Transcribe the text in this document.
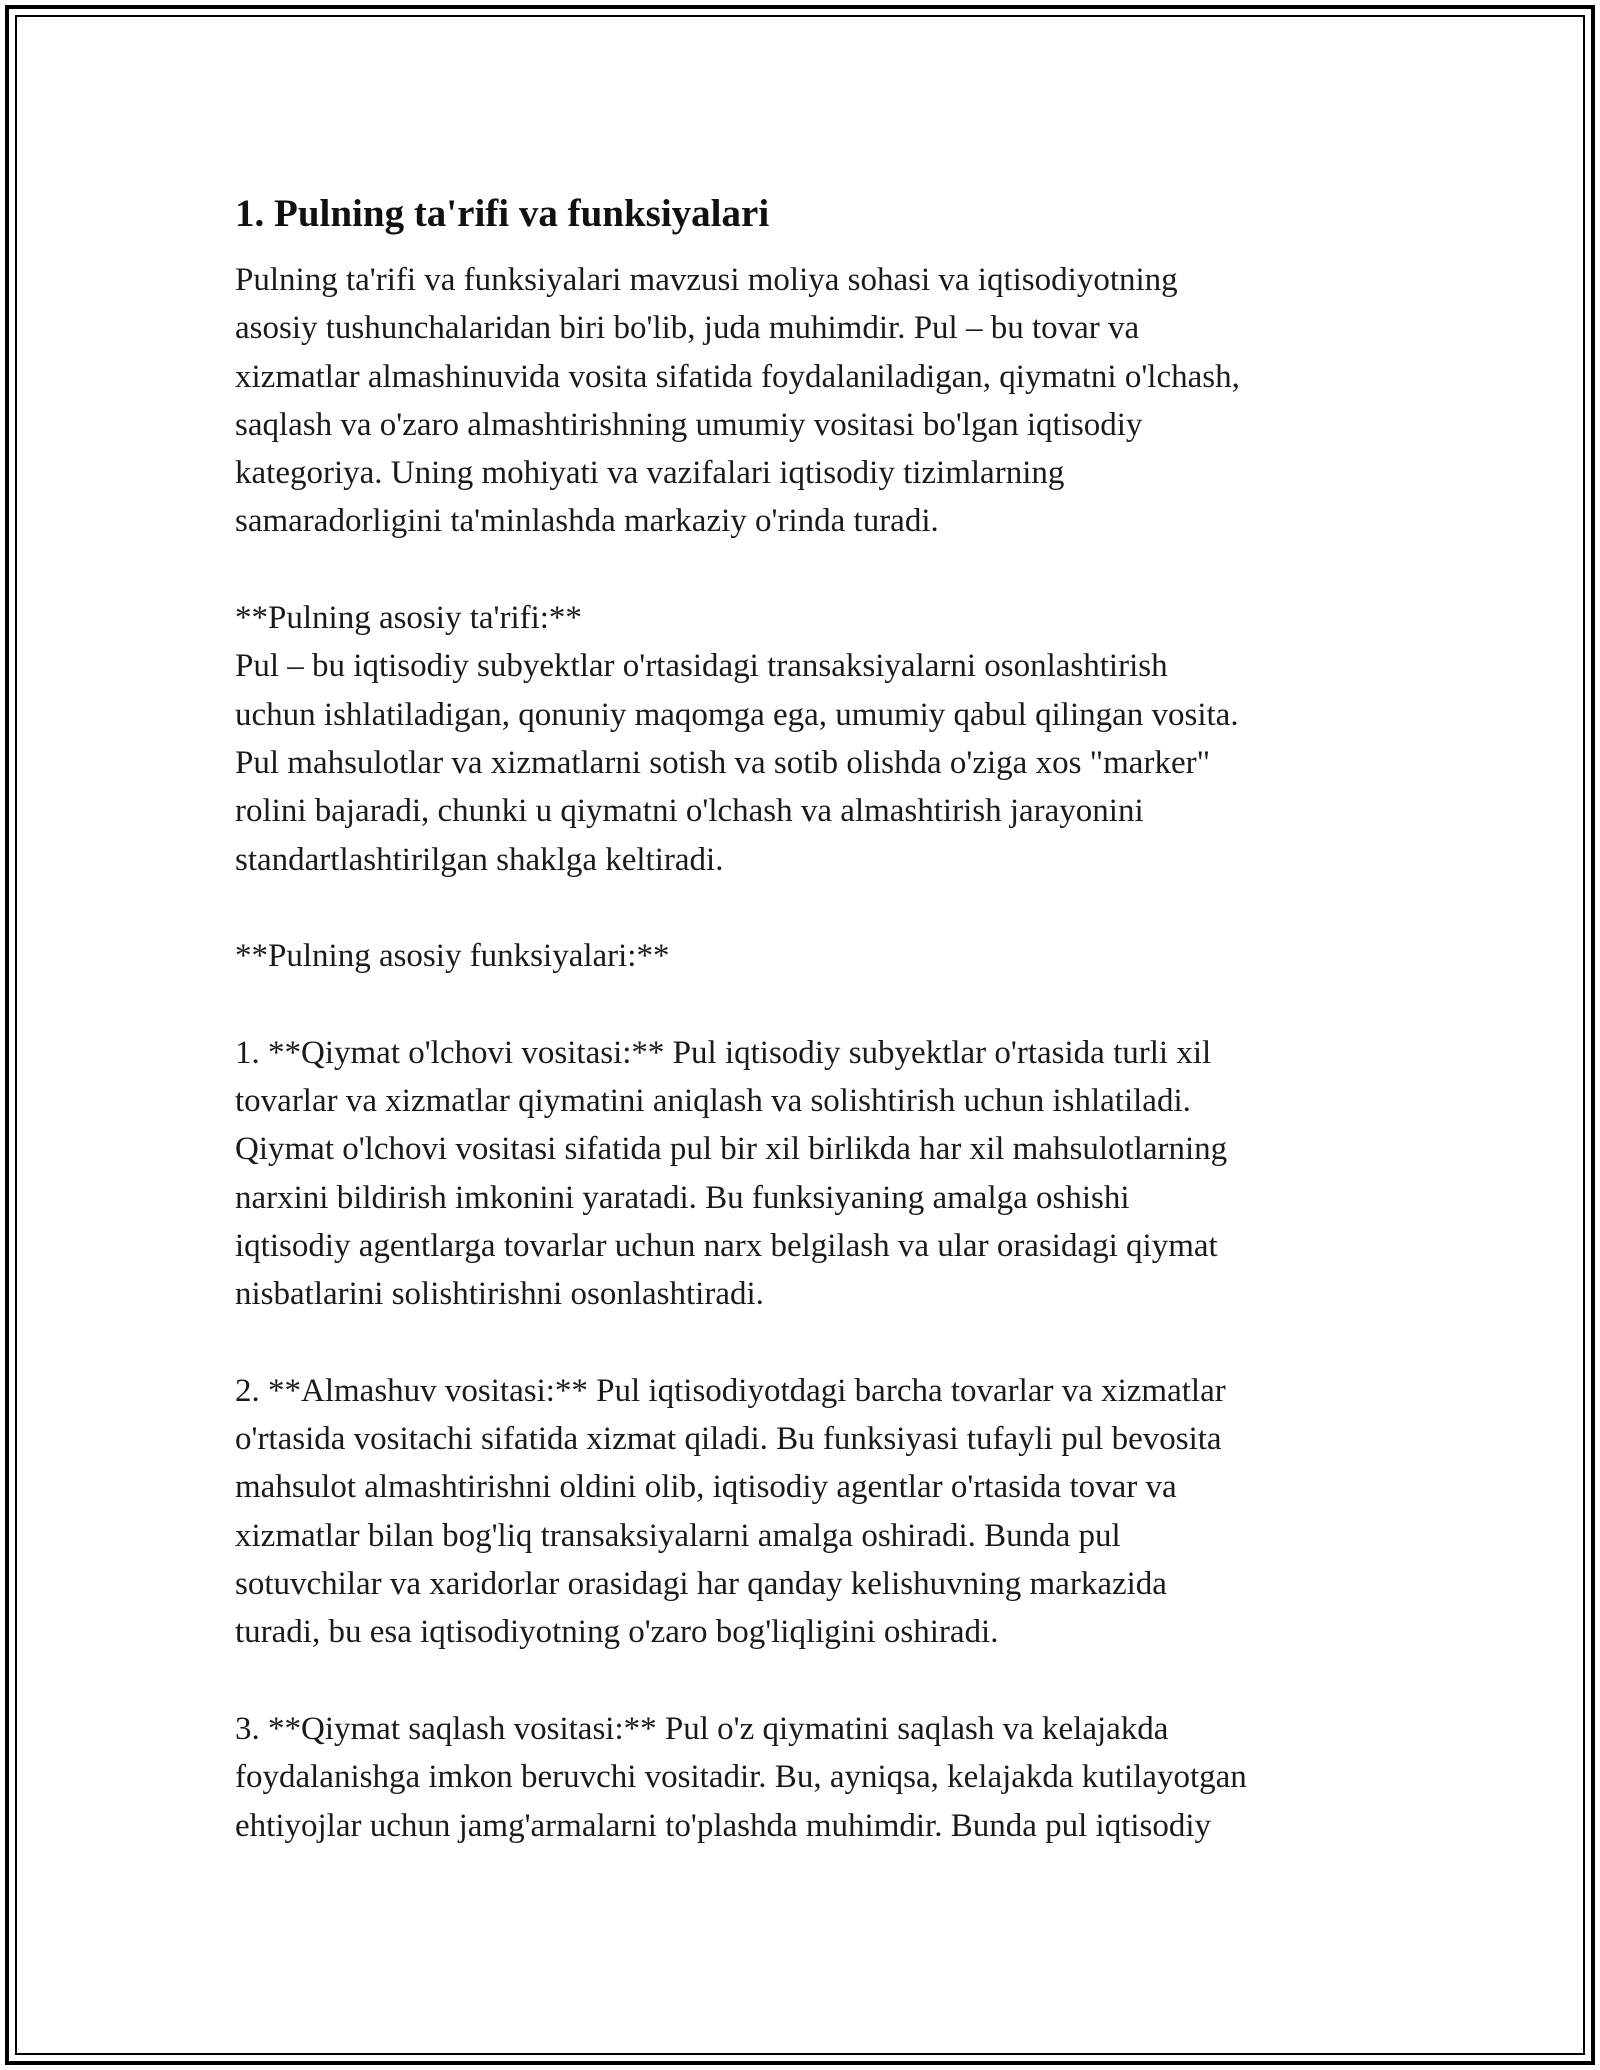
1. Pulning ta'rifi va funksiyalari

Pulning ta'rifi va funksiyalari mavzusi moliya sohasi va iqtisodiyotning
asosiy tushunchalaridan biri bo'lib, juda muhimdir. Pul – bu tovar va
xizmatlar almashinuvida vosita sifatida foydalaniladigan, qiymatni o'lchash,
saqlash va o'zaro almashtirishning umumiy vositasi bo'lgan iqtisodiy
kategoriya. Uning mohiyati va vazifalari iqtisodiy tizimlarning
samaradorligini ta'minlashda markaziy o'rinda turadi.

**Pulning asosiy ta'rifi:**
Pul – bu iqtisodiy subyektlar o'rtasidagi transaksiyalarni osonlashtirish
uchun ishlatiladigan, qonuniy maqomga ega, umumiy qabul qilingan vosita.
Pul mahsulotlar va xizmatlarni sotish va sotib olishda o'ziga xos "marker"
rolini bajaradi, chunki u qiymatni o'lchash va almashtirish jarayonini
standartlashtirilgan shaklga keltiradi.

**Pulning asosiy funksiyalari:**

1. **Qiymat o'lchovi vositasi:** Pul iqtisodiy subyektlar o'rtasida turli xil
tovarlar va xizmatlar qiymatini aniqlash va solishtirish uchun ishlatiladi.
Qiymat o'lchovi vositasi sifatida pul bir xil birlikda har xil mahsulotlarning
narxini bildirish imkonini yaratadi. Bu funksiyaning amalga oshishi
iqtisodiy agentlarga tovarlar uchun narx belgilash va ular orasidagi qiymat
nisbatlarini solishtirishni osonlashtiradi.

2. **Almashuv vositasi:** Pul iqtisodiyotdagi barcha tovarlar va xizmatlar
o'rtasida vositachi sifatida xizmat qiladi. Bu funksiyasi tufayli pul bevosita
mahsulot almashtirishni oldini olib, iqtisodiy agentlar o'rtasida tovar va
xizmatlar bilan bog'liq transaksiyalarni amalga oshiradi. Bunda pul
sotuvchilar va xaridorlar orasidagi har qanday kelishuvning markazida
turadi, bu esa iqtisodiyotning o'zaro bog'liqligini oshiradi.

3. **Qiymat saqlash vositasi:** Pul o'z qiymatini saqlash va kelajakda
foydalanishga imkon beruvchi vositadir. Bu, ayniqsa, kelajakda kutilayotgan
ehtiyojlar uchun jamg'armalarni to'plashda muhimdir. Bunda pul iqtisodiy
